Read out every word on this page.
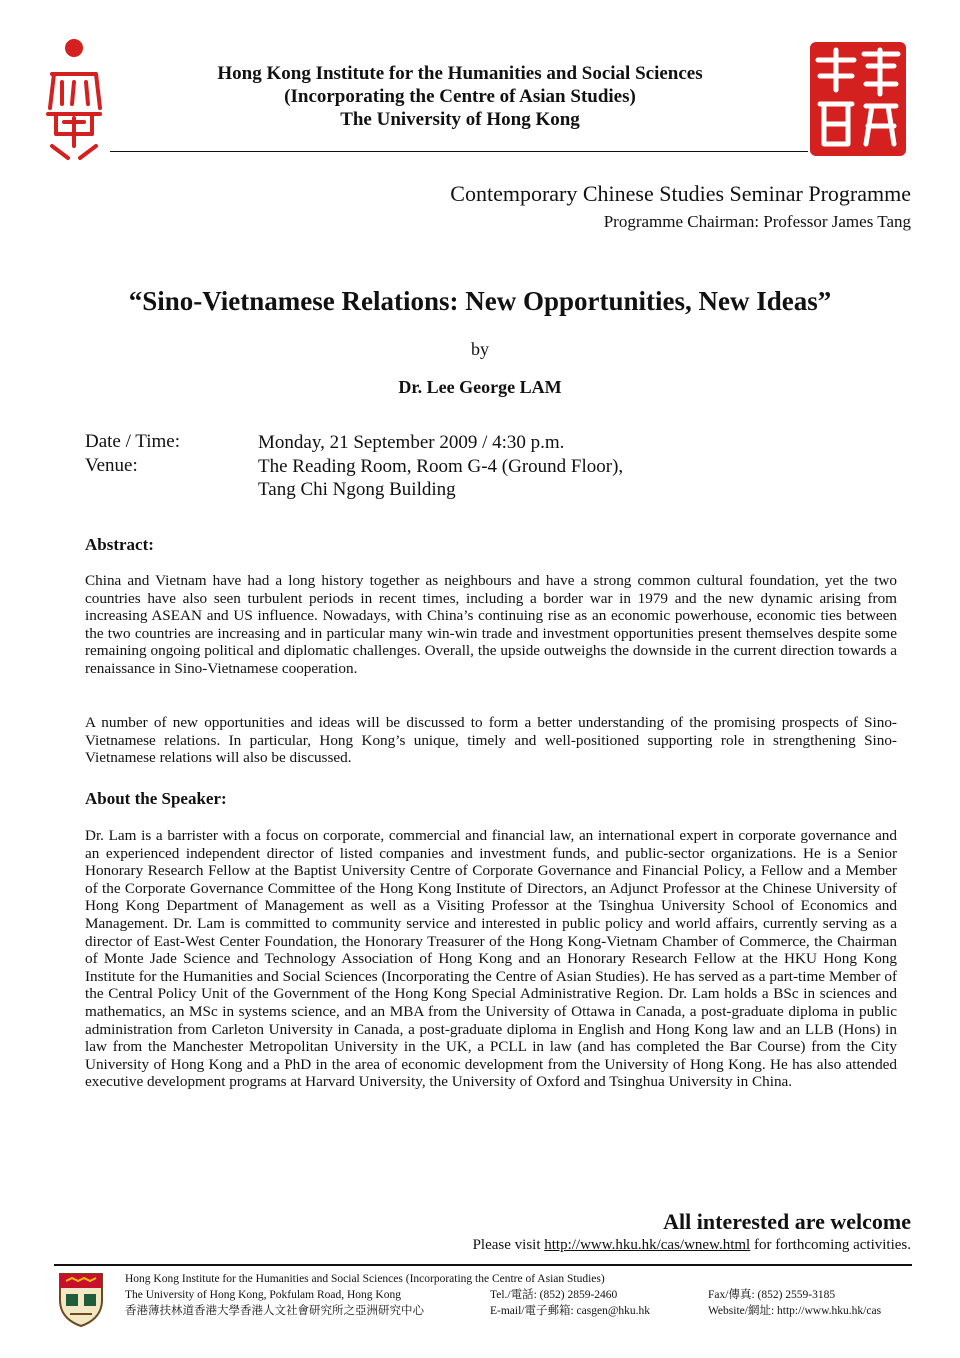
Hong Kong Institute for the Humanities and Social Sciences
(Incorporating the Centre of Asian Studies)
The University of Hong Kong
Contemporary Chinese Studies Seminar Programme
Programme Chairman: Professor James Tang
“Sino-Vietnamese Relations: New Opportunities, New Ideas”
by
Dr. Lee George LAM
Date / Time:	Monday, 21 September 2009 / 4:30 p.m.
Venue:	The Reading Room, Room G-4 (Ground Floor),
Tang Chi Ngong Building
Abstract:

China and Vietnam have had a long history together as neighbours and have a strong common cultural foundation, yet the two countries have also seen turbulent periods in recent times, including a border war in 1979 and the new dynamic arising from increasing ASEAN and US influence. Nowadays, with China’s continuing rise as an economic powerhouse, economic ties between the two countries are increasing and in particular many win-win trade and investment opportunities present themselves despite some remaining ongoing political and diplomatic challenges. Overall, the upside outweighs the downside in the current direction towards a renaissance in Sino-Vietnamese cooperation.

A number of new opportunities and ideas will be discussed to form a better understanding of the promising prospects of Sino-Vietnamese relations. In particular, Hong Kong’s unique, timely and well-positioned supporting role in strengthening Sino-Vietnamese relations will also be discussed.

About the Speaker:

Dr. Lam is a barrister with a focus on corporate, commercial and financial law, an international expert in corporate governance and an experienced independent director of listed companies and investment funds, and public-sector organizations. He is a Senior Honorary Research Fellow at the Baptist University Centre of Corporate Governance and Financial Policy, a Fellow and a Member of the Corporate Governance Committee of the Hong Kong Institute of Directors, an Adjunct Professor at the Chinese University of Hong Kong Department of Management as well as a Visiting Professor at the Tsinghua University School of Economics and Management. Dr. Lam is committed to community service and interested in public policy and world affairs, currently serving as a director of East-West Center Foundation, the Honorary Treasurer of the Hong Kong-Vietnam Chamber of Commerce, the Chairman of Monte Jade Science and Technology Association of Hong Kong and an Honorary Research Fellow at the HKU Hong Kong Institute for the Humanities and Social Sciences (Incorporating the Centre of Asian Studies). He has served as a part-time Member of the Central Policy Unit of the Government of the Hong Kong Special Administrative Region. Dr. Lam holds a BSc in sciences and mathematics, an MSc in systems science, and an MBA from the University of Ottawa in Canada, a post-graduate diploma in public administration from Carleton University in Canada, a post-graduate diploma in English and Hong Kong law and an LLB (Hons) in law from the Manchester Metropolitan University in the UK, a PCLL in law (and has completed the Bar Course) from the City University of Hong Kong and a PhD in the area of economic development from the University of Hong Kong. He has also attended executive development programs at Harvard University, the University of Oxford and Tsinghua University in China.

All interested are welcome
Please visit http://www.hku.hk/cas/wnew.html for forthcoming activities.
Hong Kong Institute for the Humanities and Social Sciences (Incorporating the Centre of Asian Studies)
The University of Hong Kong, Pokfulam Road, Hong Kong
香港薄扶林道香港大學香港人文社會研究所之亞洲研究中心
Tel./電話: (852) 2859-2460
E-mail/電子郵箱: casgen@hku.hk
Fax/傳真: (852) 2559-3185
Website/網址: http://www.hku.hk/cas
